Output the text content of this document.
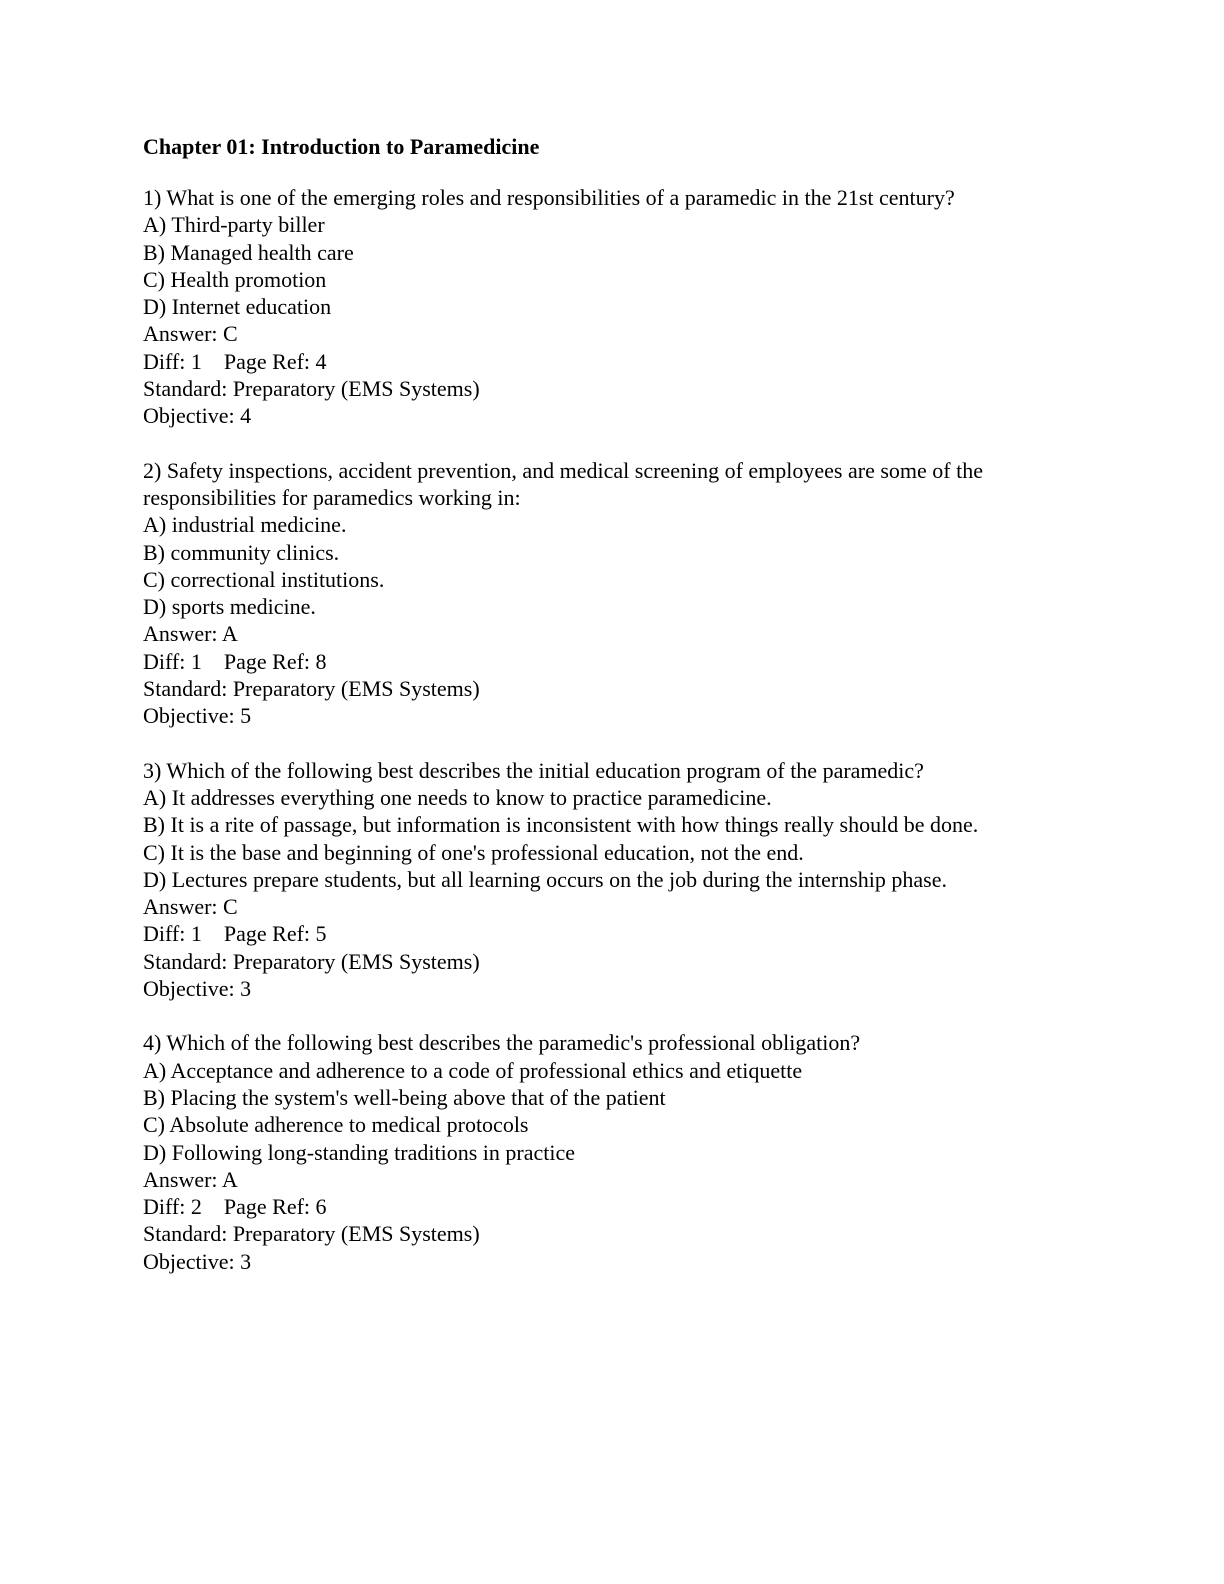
Chapter 01: Introduction to Paramedicine
1) What is one of the emerging roles and responsibilities of a paramedic in the 21st century?
A) Third-party biller
B) Managed health care
C) Health promotion
D) Internet education
Answer: C
Diff: 1 Page Ref: 4
Standard: Preparatory (EMS Systems)
Objective: 4
2) Safety inspections, accident prevention, and medical screening of employees are some of the
responsibilities for paramedics working in:
A) industrial medicine.
B) community clinics.
C) correctional institutions.
D) sports medicine.
Answer: A
Diff: 1 Page Ref: 8
Standard: Preparatory (EMS Systems)
Objective: 5
3) Which of the following best describes the initial education program of the paramedic?
A) It addresses everything one needs to know to practice paramedicine.
B) It is a rite of passage, but information is inconsistent with how things really should be done.
C) It is the base and beginning of one's professional education, not the end.
D) Lectures prepare students, but all learning occurs on the job during the internship phase.
Answer: C
Diff: 1 Page Ref: 5
Standard: Preparatory (EMS Systems)
Objective: 3
4) Which of the following best describes the paramedic's professional obligation?
A) Acceptance and adherence to a code of professional ethics and etiquette
B) Placing the system's well-being above that of the patient
C) Absolute adherence to medical protocols
D) Following long-standing traditions in practice
Answer: A
Diff: 2 Page Ref: 6
Standard: Preparatory (EMS Systems)
Objective: 3
